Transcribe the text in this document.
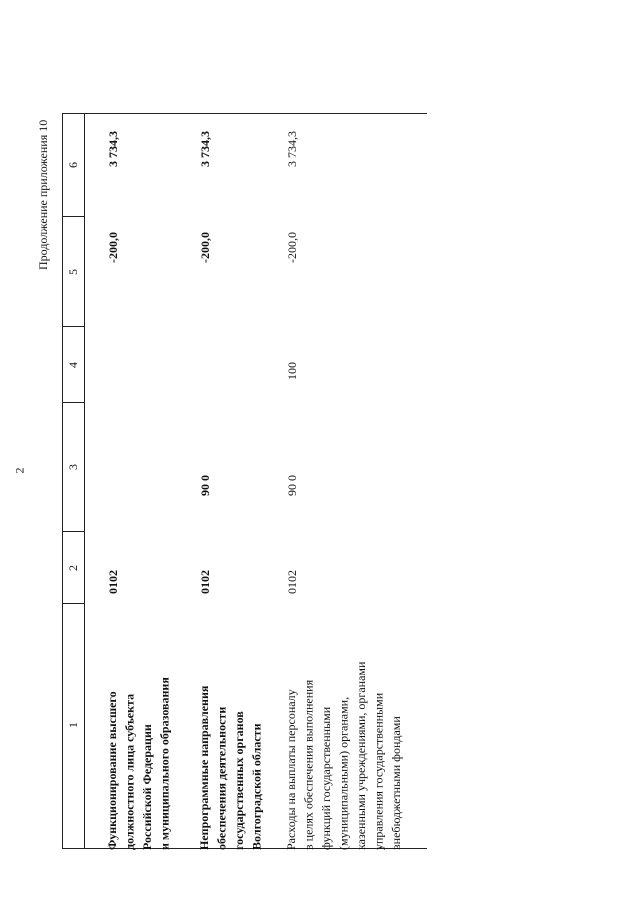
2
Продолжение приложения 10 6
5
4
3
2
1 Функционирование высшего должностного лица субъекта Российской Федерации и муниципального образования
0102
-200,0
3 734,3
Непрограммные направления обеспечения деятельности государственных органов Волгоградской области
0102
90 0
-200,0
3 734,3
Расходы на выплаты персоналу в целях обеспечения выполнения функций государственными (муниципальными) органами, казенными учреждениями, органами управления государственными внебюджетными фондами
0102
90 0
100
-200,0
3 734,3
